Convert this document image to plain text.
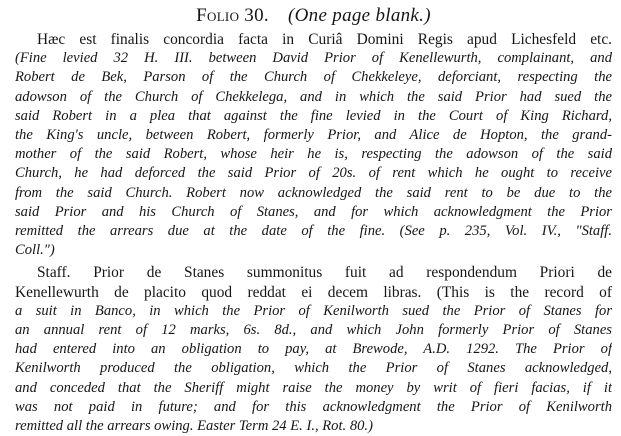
Folio 30. (One page blank.)
Hæc est finalis concordia facta in Curiâ Domini Regis apud Lichesfeld etc.
(Fine levied 32 H. III. between David Prior of Kenellewurth, complainant, and
Robert de Bek, Parson of the Church of Chekkeleye, deforciant, respecting the
adowson of the Church of Chekkelega, and in which the said Prior had sued the
said Robert in a plea that against the fine levied in the Court of King Richard,
the King's uncle, between Robert, formerly Prior, and Alice de Hopton, the grand-
mother of the said Robert, whose heir he is, respecting the adowson of the said
Church, he had deforced the said Prior of 20s. of rent which he ought to receive
from the said Church. Robert now acknowledged the said rent to be due to the
said Prior and his Church of Stanes, and for which acknowledgment the Prior
remitted the arrears due at the date of the fine. (See p. 235, Vol. IV., "Staff.
Coll.")
Staff. Prior de Stanes summonitus fuit ad respondendum Priori de
Kenellewurth de placito quod reddat ei decem libras. (This is the record of
a suit in Banco, in which the Prior of Kenilworth sued the Prior of Stanes for
an annual rent of 12 marks, 6s. 8d., and which John formerly Prior of Stanes
had entered into an obligation to pay, at Brewode, A.D. 1292. The Prior of
Kenilworth produced the obligation, which the Prior of Stanes acknowledged,
and conceded that the Sheriff might raise the money by writ of fieri facias, if it
was not paid in future; and for this acknowledgment the Prior of Kenilworth
remitted all the arrears owing. Easter Term 24 E. I., Rot. 80.)
